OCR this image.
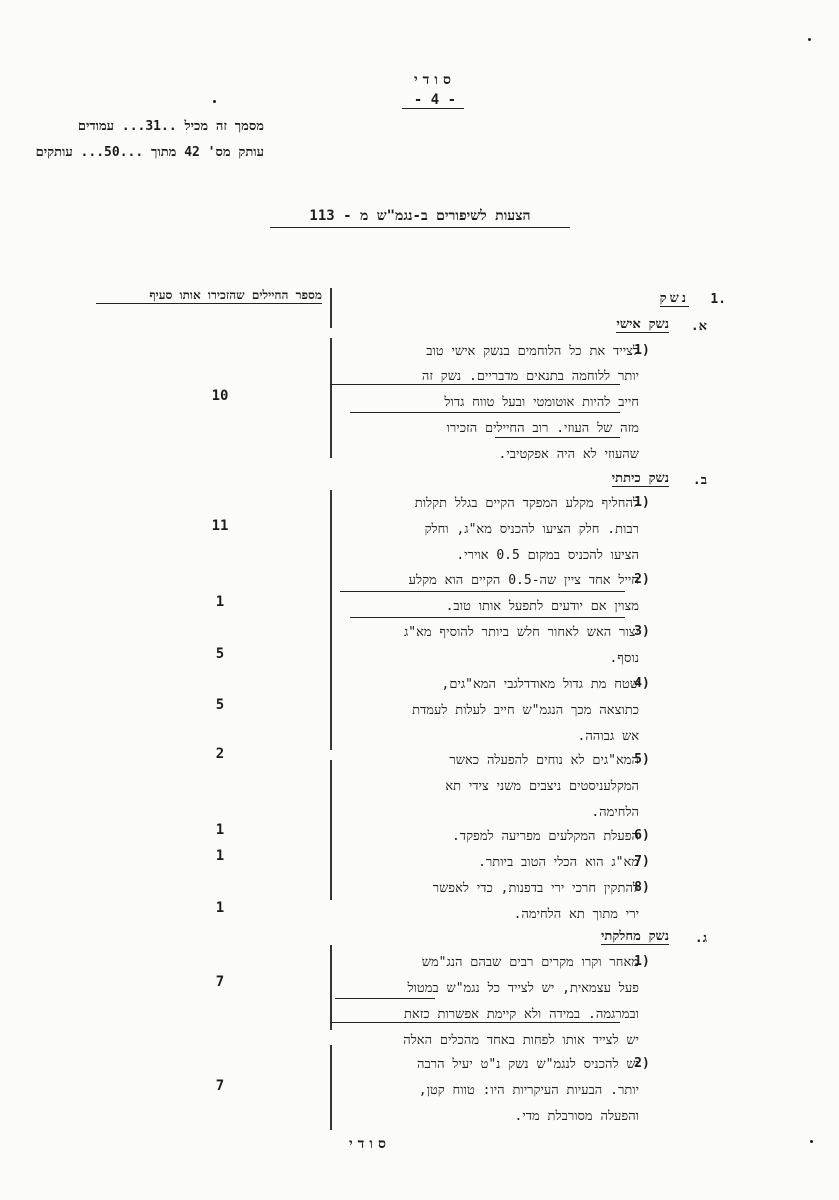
סודי
- 4 -
מסמך זה מכיל ..31... עמודים
עותק מס' 42 מתוך ...50... עותקים
הצעות לשיפורים ב-נגמ"ש מ - 113
מספר החיילים שהזכירו אותו סעיף	1.
נשק
א.
נשק אישי
1)
לצייד את כל הלוחמים בנשק אישי טוב
יותר ללוחמה בתנאים מדבריים. נשק זה
חייב להיות אוטומטי ובעל טווח גדול
מזה של העוזי. רוב החיילים הזכירו
שהעוזי לא היה אפקטיבי.
10
ב.
נשק כיתתי
1)
להחליף מקלע המפקד הקיים בגלל תקלות
רבות. חלק הציעו להכניס מא"ג, וחלק
הציעו להכניס במקום 0.5 אוירי.
11
2)
חייל אחד ציין שה-0.5 הקיים הוא מקלע
מצוין אם יודעים לתפעל אותו טוב.
1
3)
יצור האש לאחור חלש ביותר להוסיף מא"ג
נוסף.
5
4)
שטח מת גדול מאודדלגבי המא"גים,
כתוצאה מכך הנגמ"ש חייב לעלות לעמדת
אש גבוהה.
5
5)
המא"גים לא נוחים להפעלה כאשר
המקלעניסטים ניצבים משני צידי תא
הלחימה.
2
6)
הפעלת המקלעים מפריעה למפקד.
1
7)
מא"ג הוא הכלי הטוב ביותר.
1
8)
להתקין חרכי ירי בדפנות, כדי לאפשר
ירי מתוך תא הלחימה.
1
ג.
נשק מחלקתי
1)
מאחר וקרו מקרים רבים שבהם הנג"מש
פעל עצמאית, יש לצייד כל נגמ"ש במטול
ובמרגמה. במידה ולא קיימת אפשרות כזאת
יש לצייד אותו לפחות באחד מהכלים האלה
7
2)
יש להכניס לנגמ"ש נשק נ"ט יעיל הרבה
יותר. הבעיות העיקריות היו: טווח קטן,
והפעלה מסורבלת מדי.
7
סודי
